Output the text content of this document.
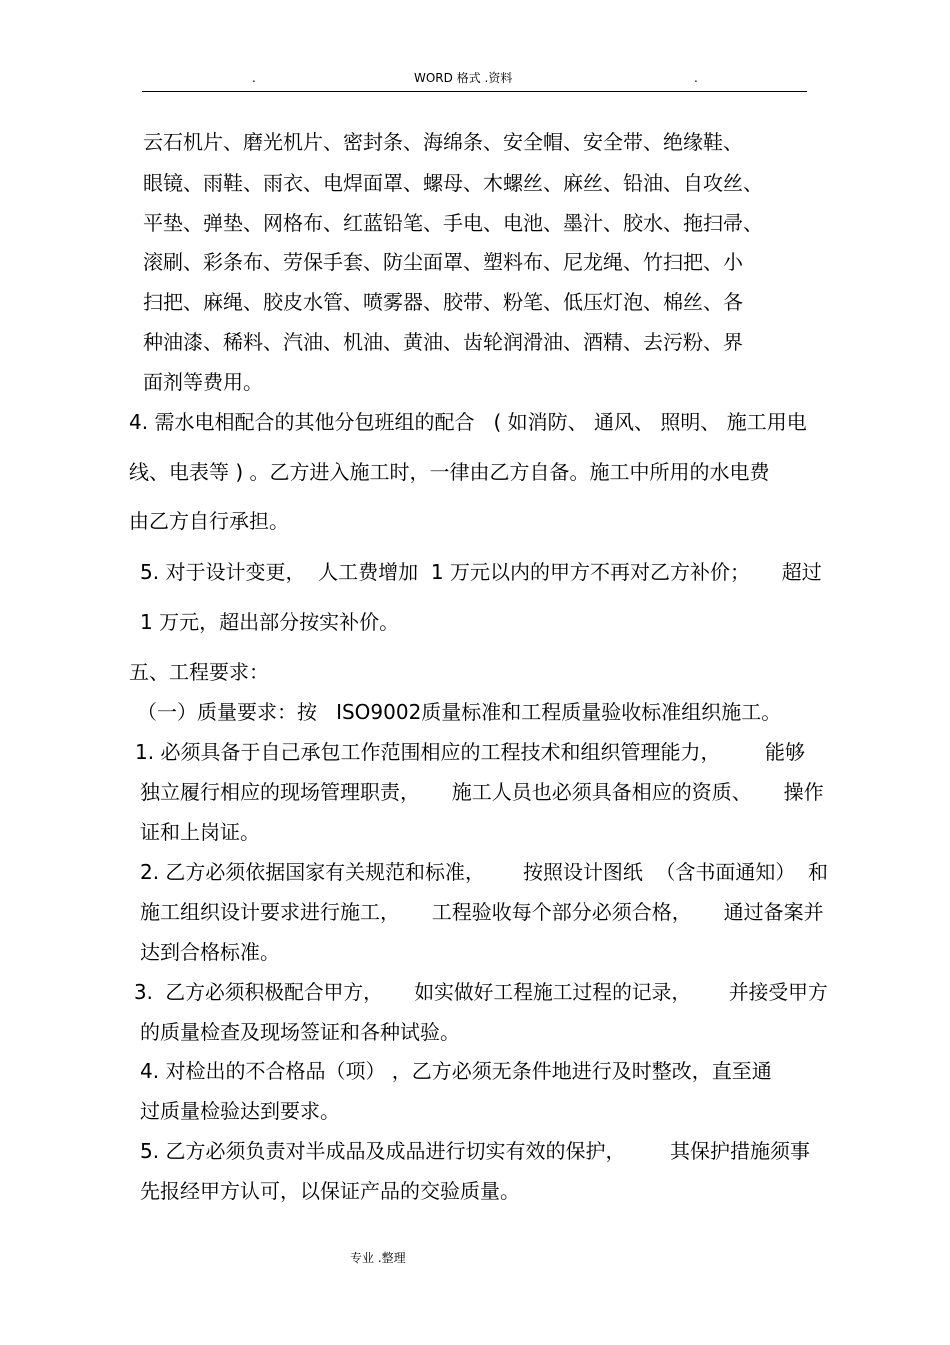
.	WORD 格式 .资料	.
云石机片、磨光机片、密封条、海绵条、安全帽、安全带、绝缘鞋、
眼镜、雨鞋、雨衣、电焊面罩、螺母、木螺丝、麻丝、铅油、自攻丝、
平垫、弹垫、网格布、红蓝铅笔、手电、电池、墨汁、胶水、拖扫帚、
滚刷、彩条布、劳保手套、防尘面罩、塑料布、尼龙绳、竹扫把、小
扫把、麻绳、胶皮水管、喷雾器、胶带、粉笔、低压灯泡、棉丝、各
种油漆、稀料、汽油、机油、黄油、齿轮润滑油、酒精、去污粉、界
面剂等费用。
4. 需水电相配合的其他分包班组的配合   ( 如消防、 通风、 照明、 施工用电
线、电表等 ) 。乙方进入施工时，一律由乙方自备。施工中所用的水电费
由乙方自行承担。
5. 对于设计变更，  人工费增加  1 万元以内的甲方不再对乙方补价；     超过
1 万元，超出部分按实补价。
五、工程要求：
（一）质量要求：按   ISO9002质量标准和工程质量验收标准组织施工。
1. 必须具备于自己承包工作范围相应的工程技术和组织管理能力，       能够
独立履行相应的现场管理职责，     施工人员也必须具备相应的资质、     操作
证和上岗证。
2. 乙方必须依据国家有关规范和标准，      按照设计图纸  （含书面通知）  和
施工组织设计要求进行施工，     工程验收每个部分必须合格，     通过备案并
达到合格标准。
3.  乙方必须积极配合甲方，     如实做好工程施工过程的记录，      并接受甲方
的质量检查及现场签证和各种试验。
4. 对检出的不合格品（项） ，乙方必须无条件地进行及时整改，直至通
过质量检验达到要求。
5. 乙方必须负责对半成品及成品进行切实有效的保护，       其保护措施须事
先报经甲方认可，以保证产品的交验质量。
专业 .整理
